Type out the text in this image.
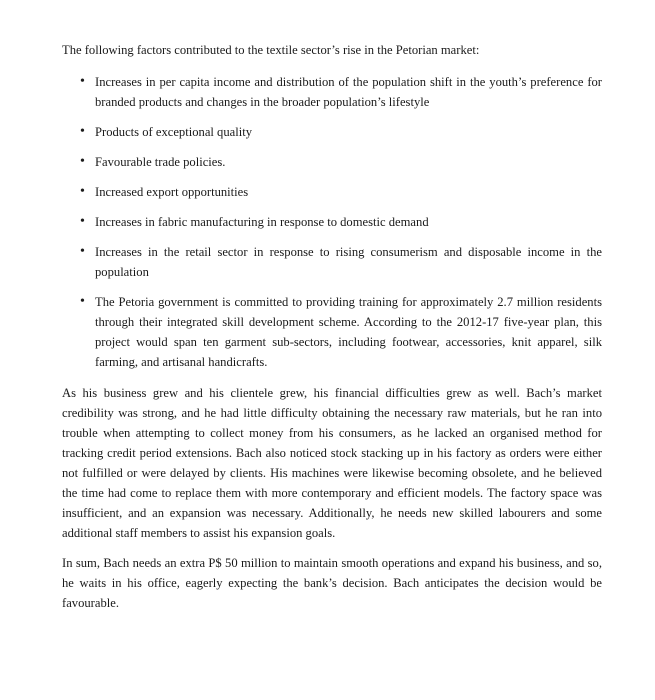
The following factors contributed to the textile sector’s rise in the Petorian market:

• Increases in per capita income and distribution of the population shift in the youth’s preference for branded products and changes in the broader population’s lifestyle
• Products of exceptional quality
• Favourable trade policies.
• Increased export opportunities
• Increases in fabric manufacturing in response to domestic demand
• Increases in the retail sector in response to rising consumerism and disposable income in the population
• The Petoria government is committed to providing training for approximately 2.7 million residents through their integrated skill development scheme. According to the 2012-17 five-year plan, this project would span ten garment sub-sectors, including footwear, accessories, knit apparel, silk farming, and artisanal handicrafts.

As his business grew and his clientele grew, his financial difficulties grew as well. Bach’s market credibility was strong, and he had little difficulty obtaining the necessary raw materials, but he ran into trouble when attempting to collect money from his consumers, as he lacked an organised method for tracking credit period extensions. Bach also noticed stock stacking up in his factory as orders were either not fulfilled or were delayed by clients. His machines were likewise becoming obsolete, and he believed the time had come to replace them with more contemporary and efficient models. The factory space was insufficient, and an expansion was necessary. Additionally, he needs new skilled labourers and some additional staff members to assist his expansion goals.

In sum, Bach needs an extra P$ 50 million to maintain smooth operations and expand his business, and so, he waits in his office, eagerly expecting the bank’s decision. Bach anticipates the decision would be favourable.
